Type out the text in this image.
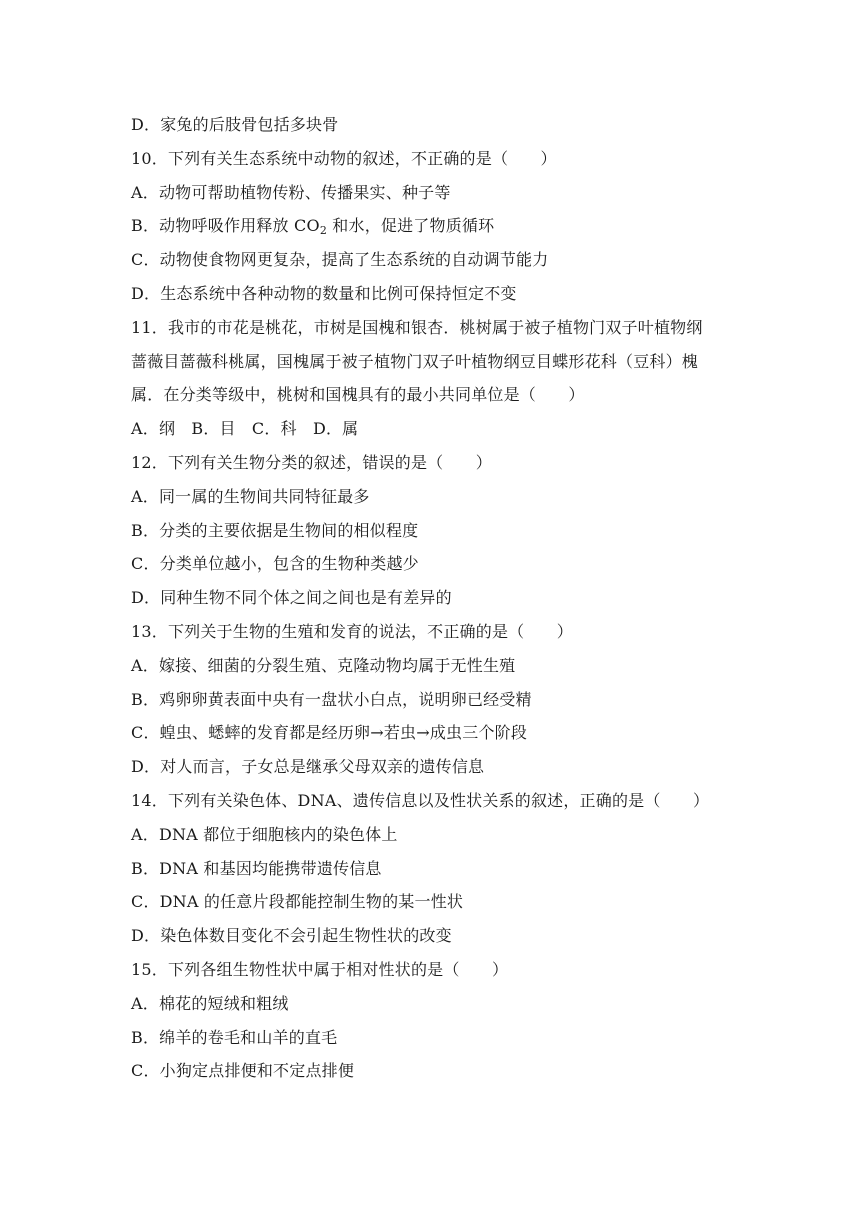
D．家兔的后肢骨包括多块骨
10．下列有关生态系统中动物的叙述，不正确的是（　　）
A．动物可帮助植物传粉、传播果实、种子等
B．动物呼吸作用释放 $CO_2$ 和水，促进了物质循环
C．动物使食物网更复杂，提高了生态系统的自动调节能力
D．生态系统中各种动物的数量和比例可保持恒定不变
11．我市的市花是桃花，市树是国槐和银杏．桃树属于被子植物门双子叶植物纲
蔷薇目蔷薇科桃属，国槐属于被子植物门双子叶植物纲豆目蝶形花科（豆科）槐
属．在分类等级中，桃树和国槐具有的最小共同单位是（　　）
A．纲　B．目　C．科　D．属
12．下列有关生物分类的叙述，错误的是（　　）
A．同一属的生物间共同特征最多
B．分类的主要依据是生物间的相似程度
C．分类单位越小，包含的生物种类越少
D．同种生物不同个体之间之间也是有差异的
13．下列关于生物的生殖和发育的说法，不正确的是（　　）
A．嫁接、细菌的分裂生殖、克隆动物均属于无性生殖
B．鸡卵卵黄表面中央有一盘状小白点，说明卵已经受精
C．蝗虫、蟋蟀的发育都是经历卵→若虫→成虫三个阶段
D．对人而言，子女总是继承父母双亲的遗传信息
14．下列有关染色体、DNA、遗传信息以及性状关系的叙述，正确的是（　　）
A．DNA 都位于细胞核内的染色体上
B．DNA 和基因均能携带遗传信息
C．DNA 的任意片段都能控制生物的某一性状
D．染色体数目变化不会引起生物性状的改变
15．下列各组生物性状中属于相对性状的是（　　）
A．棉花的短绒和粗绒
B．绵羊的卷毛和山羊的直毛
C．小狗定点排便和不定点排便
